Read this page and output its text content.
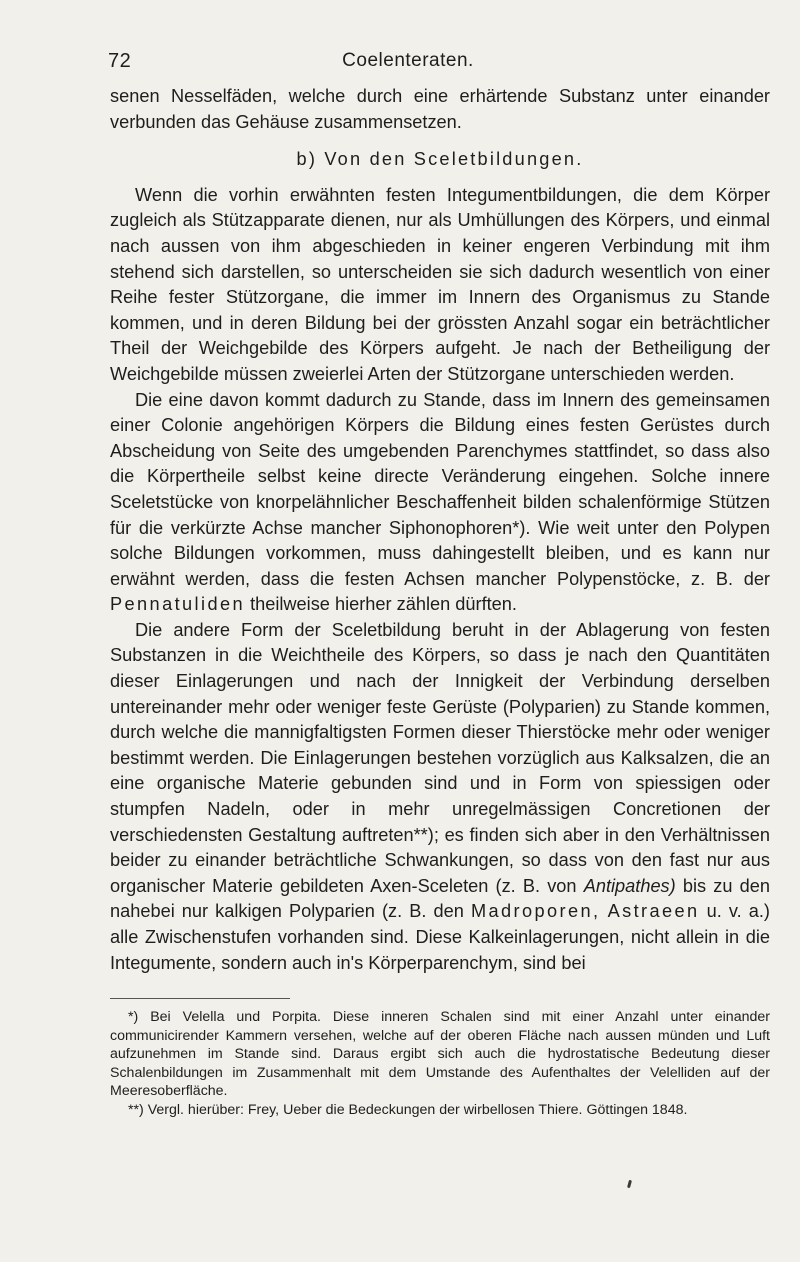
72	Coelenteraten.

senen Nesselfäden, welche durch eine erhärtende Substanz unter einander verbunden das Gehäuse zusammensetzen.

b) Von den Sceletbildungen.

Wenn die vorhin erwähnten festen Integumentbildungen, die dem Körper zugleich als Stützapparate dienen, nur als Umhüllungen des Körpers, und einmal nach aussen von ihm abgeschieden in keiner engeren Verbindung mit ihm stehend sich darstellen, so unterscheiden sie sich dadurch wesentlich von einer Reihe fester Stützorgane, die immer im Innern des Organismus zu Stande kommen, und in deren Bildung bei der grössten Anzahl sogar ein beträchtlicher Theil der Weichgebilde des Körpers aufgeht. Je nach der Betheiligung der Weichgebilde müssen zweierlei Arten der Stützorgane unterschieden werden.

Die eine davon kommt dadurch zu Stande, dass im Innern des gemeinsamen einer Colonie angehörigen Körpers die Bildung eines festen Gerüstes durch Abscheidung von Seite des umgebenden Parenchymes stattfindet, so dass also die Körpertheile selbst keine directe Veränderung eingehen. Solche innere Sceletstücke von knorpelähnlicher Beschaffenheit bilden schalenförmige Stützen für die verkürzte Achse mancher Siphonophoren*). Wie weit unter den Polypen solche Bildungen vorkommen, muss dahingestellt bleiben, und es kann nur erwähnt werden, dass die festen Achsen mancher Polypenstöcke, z. B. der Pennatuliden theilweise hierher zählen dürften.

Die andere Form der Sceletbildung beruht in der Ablagerung von festen Substanzen in die Weichtheile des Körpers, so dass je nach den Quantitäten dieser Einlagerungen und nach der Innigkeit der Verbindung derselben untereinander mehr oder weniger feste Gerüste (Polyparien) zu Stande kommen, durch welche die mannigfaltigsten Formen dieser Thierstöcke mehr oder weniger bestimmt werden. Die Einlagerungen bestehen vorzüglich aus Kalksalzen, die an eine organische Materie gebunden sind und in Form von spiessigen oder stumpfen Nadeln, oder in mehr unregelmässigen Concretionen der verschiedensten Gestaltung auftreten**); es finden sich aber in den Verhältnissen beider zu einander beträchtliche Schwankungen, so dass von den fast nur aus organischer Materie gebildeten Axen-Sceleten (z. B. von Antipathes) bis zu den nahebei nur kalkigen Polyparien (z. B. den Madroporen, Astraeen u. v. a.) alle Zwischenstufen vorhanden sind. Diese Kalkeinlagerungen, nicht allein in die Integumente, sondern auch in's Körperparenchym, sind bei

*) Bei Velella und Porpita. Diese inneren Schalen sind mit einer Anzahl unter einander communicirender Kammern versehen, welche auf der oberen Fläche nach aussen münden und Luft aufzunehmen im Stande sind. Daraus ergibt sich auch die hydrostatische Bedeutung dieser Schalenbildungen im Zusammenhalt mit dem Umstande des Aufenthaltes der Velelliden auf der Meeresoberfläche.

**) Vergl. hierüber: Frey, Ueber die Bedeckungen der wirbellosen Thiere. Göttingen 1848.
